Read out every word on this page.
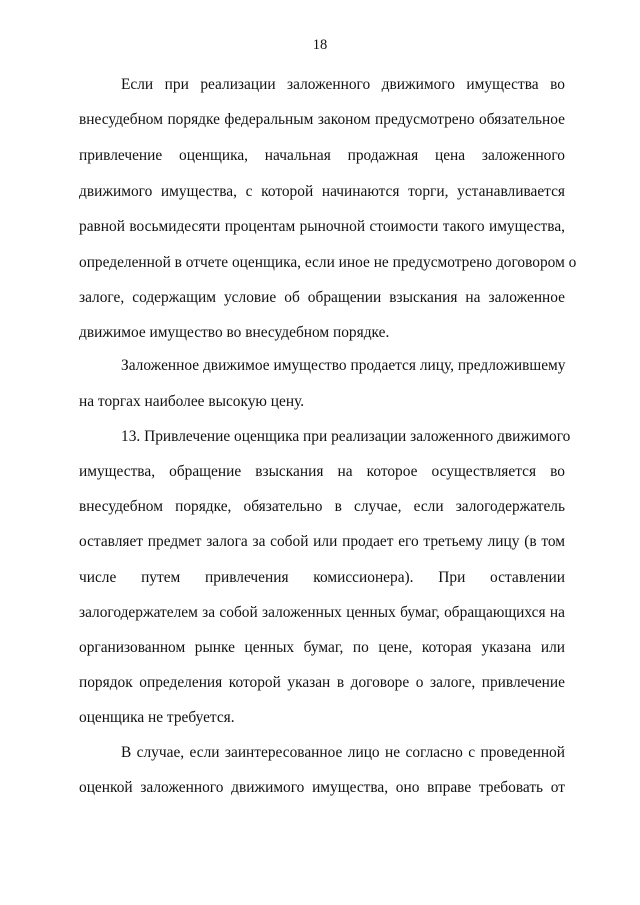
18
Если при реализации заложенного движимого имущества во
внесудебном порядке федеральным законом предусмотрено обязательное
привлечение оценщика, начальная продажная цена заложенного
движимого имущества, с которой начинаются торги, устанавливается
равной восьмидесяти процентам рыночной стоимости такого имущества,
определенной в отчете оценщика, если иное не предусмотрено договором о
залоге, содержащим условие об обращении взыскания на заложенное
движимое имущество во внесудебном порядке.
Заложенное движимое имущество продается лицу, предложившему
на торгах наиболее высокую цену.
13. Привлечение оценщика при реализации заложенного движимого
имущества, обращение взыскания на которое осуществляется во
внесудебном порядке, обязательно в случае, если залогодержатель
оставляет предмет залога за собой или продает его третьему лицу (в том
числе путем привлечения комиссионера). При оставлении
залогодержателем за собой заложенных ценных бумаг, обращающихся на
организованном рынке ценных бумаг, по цене, которая указана или
порядок определения которой указан в договоре о залоге, привлечение
оценщика не требуется.
В случае, если заинтересованное лицо не согласно с проведенной
оценкой заложенного движимого имущества, оно вправе требовать от
